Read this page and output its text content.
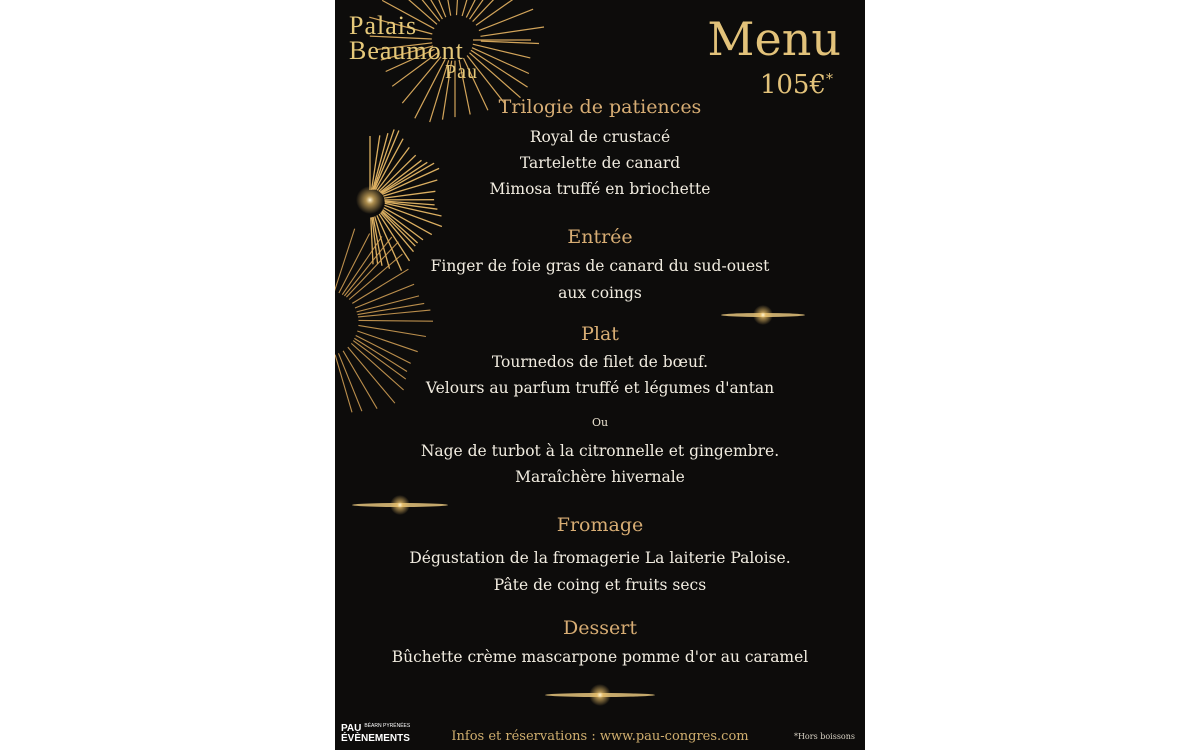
Palais
Beaumont
Pau
Menu
105€*
Trilogie de patiences
Royal de crustacé
Tartelette de canard
Mimosa truffé en briochette
Entrée
Finger de foie gras de canard du sud-ouest
aux coings
Plat
Tournedos de filet de bœuf.
Velours au parfum truffé et légumes d'antan
Ou
Nage de turbot à la citronnelle et gingembre.
Maraîchère hivernale
Fromage
Dégustation de la fromagerie La laiterie Paloise.
Pâte de coing et fruits secs
Dessert
Bûchette crème mascarpone pomme d'or au caramel
PAU $^{BÉARN PYRÉNÉES}$
ÉVÈNEMENTS	Infos et réservations : www.pau-congres.com	*Hors boissons
